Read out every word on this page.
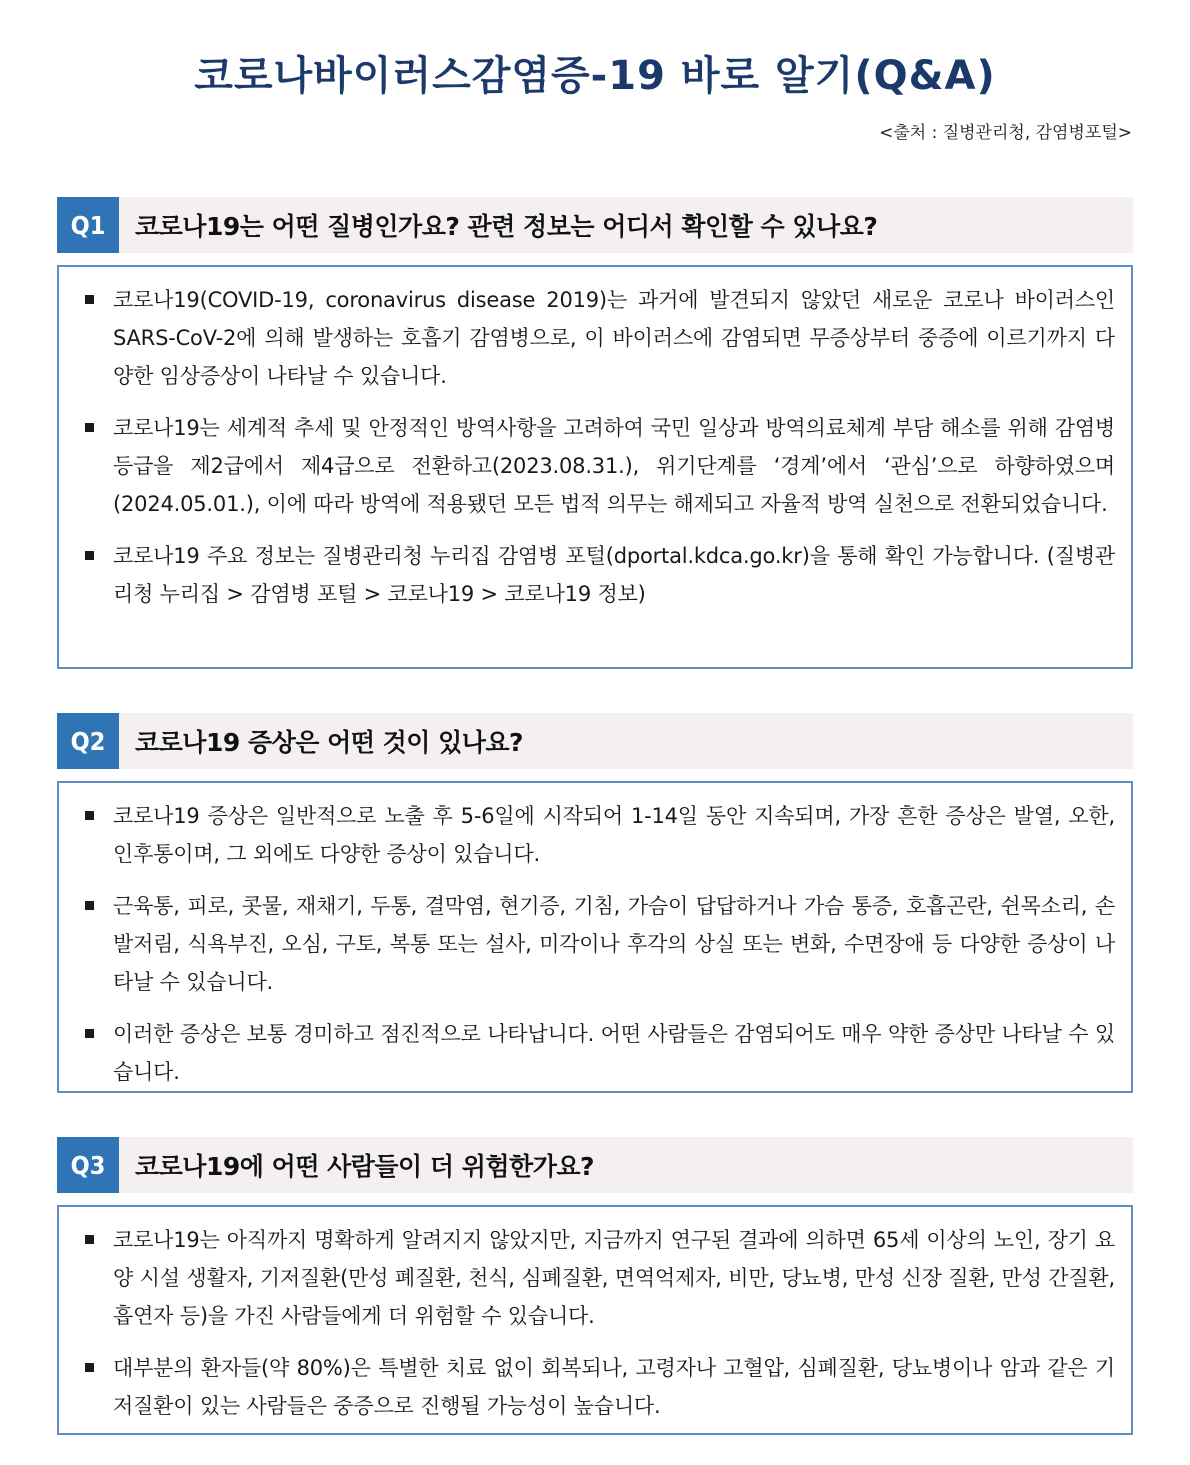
코로나바이러스감염증-19 바로 알기(Q&A)
<출처 : 질병관리청, 감염병포털>
Q1	코로나19는 어떤 질병인가요? 관련 정보는 어디서 확인할 수 있나요?
코로나19(COVID-19, coronavirus disease 2019)는 과거에 발견되지 않았던 새로운 코로나 바이러스인 SARS-CoV-2에 의해 발생하는 호흡기 감염병으로, 이 바이러스에 감염되면 무증상부터 중증에 이르기까지 다양한 임상증상이 나타날 수 있습니다.
코로나19는 세계적 추세 및 안정적인 방역사항을 고려하여 국민 일상과 방역의료체계 부담 해소를 위해 감염병 등급을 제2급에서 제4급으로 전환하고(2023.08.31.), 위기단계를 ‘경계’에서 ‘관심’으로 하향하였으며(2024.05.01.), 이에 따라 방역에 적용됐던 모든 법적 의무는 해제되고 자율적 방역 실천으로 전환되었습니다.
코로나19 주요 정보는 질병관리청 누리집 감염병 포털(dportal.kdca.go.kr)을 통해 확인 가능합니다. (질병관리청 누리집 > 감염병 포털 > 코로나19 > 코로나19 정보)
Q2	코로나19 증상은 어떤 것이 있나요?
코로나19 증상은 일반적으로 노출 후 5-6일에 시작되어 1-14일 동안 지속되며, 가장 흔한 증상은 발열, 오한, 인후통이며, 그 외에도 다양한 증상이 있습니다.
근육통, 피로, 콧물, 재채기, 두통, 결막염, 현기증, 기침, 가슴이 답답하거나 가슴 통증, 호흡곤란, 쉰목소리, 손발저림, 식욕부진, 오심, 구토, 복통 또는 설사, 미각이나 후각의 상실 또는 변화, 수면장애 등 다양한 증상이 나타날 수 있습니다.
이러한 증상은 보통 경미하고 점진적으로 나타납니다. 어떤 사람들은 감염되어도 매우 약한 증상만 나타날 수 있습니다.
Q3	코로나19에 어떤 사람들이 더 위험한가요?
코로나19는 아직까지 명확하게 알려지지 않았지만, 지금까지 연구된 결과에 의하면 65세 이상의 노인, 장기 요양 시설 생활자, 기저질환(만성 폐질환, 천식, 심폐질환, 면역억제자, 비만, 당뇨병, 만성 신장 질환, 만성 간질환, 흡연자 등)을 가진 사람들에게 더 위험할 수 있습니다.
대부분의 환자들(약 80%)은 특별한 치료 없이 회복되나, 고령자나 고혈압, 심폐질환, 당뇨병이나 암과 같은 기저질환이 있는 사람들은 중증으로 진행될 가능성이 높습니다.
